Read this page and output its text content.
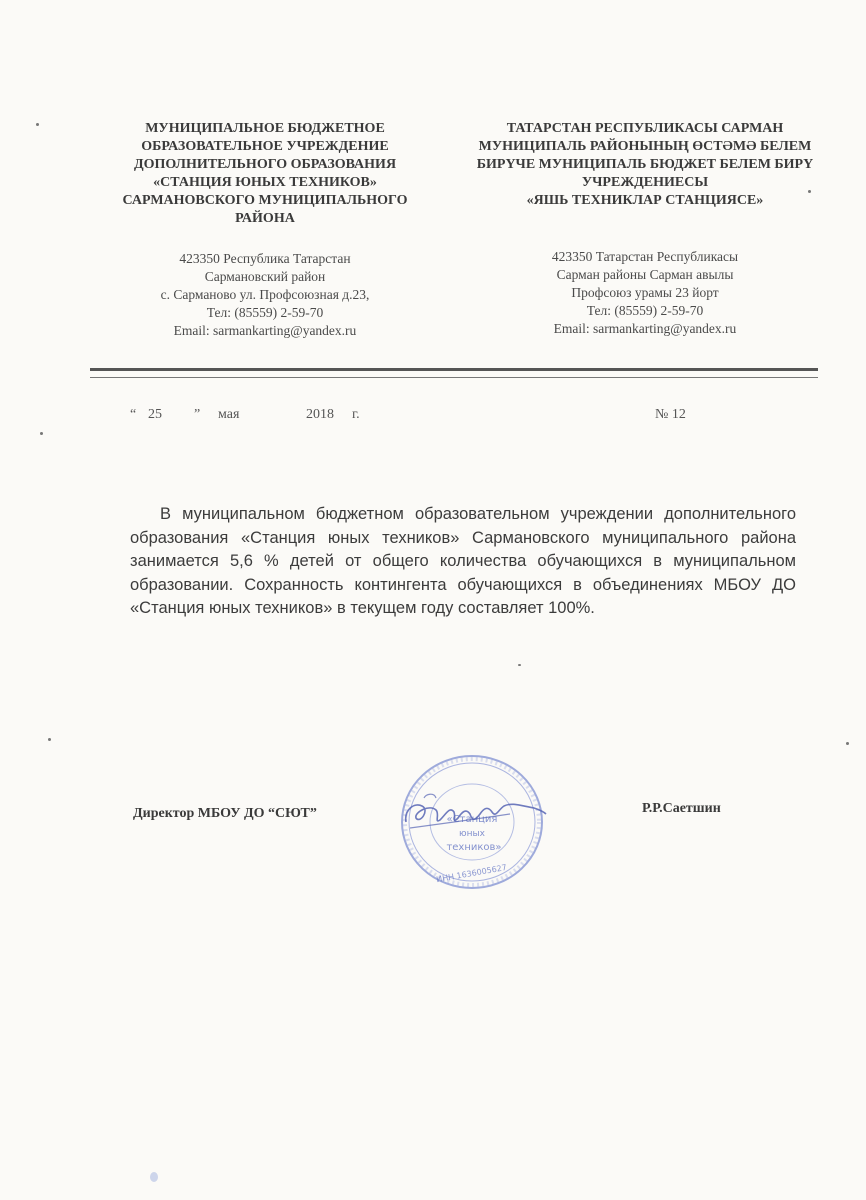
МУНИЦИПАЛЬНОЕ БЮДЖЕТНОЕ
ОБРАЗОВАТЕЛЬНОЕ УЧРЕЖДЕНИЕ
ДОПОЛНИТЕЛЬНОГО ОБРАЗОВАНИЯ
«СТАНЦИЯ ЮНЫХ ТЕХНИКОВ»
САРМАНОВСКОГО МУНИЦИПАЛЬНОГО
РАЙОНА
423350 Республика Татарстан
Сармановский район
с. Сарманово ул. Профсоюзная д.23,
Тел: (85559) 2-59-70
Email: sarmankarting@yandex.ru
ТАТАРСТАН РЕСПУБЛИКАСЫ САРМАН
МУНИЦИПАЛЬ РАЙОНЫНЫҢ ӨСТӘМӘ БЕЛЕМ
БИРҮЧЕ МУНИЦИПАЛЬ БЮДЖЕТ БЕЛЕМ БИРҮ
УЧРЕЖДЕНИЕСЫ
«ЯШЬ ТЕХНИКЛАР СТАНЦИЯСЕ»
423350 Татарстан Республикасы
Сарман районы Сарман авылы
Профсоюз урамы 23 йорт
Тел: (85559) 2-59-70
Email: sarmankarting@yandex.ru
“ 25 ” мая	2018 г.	№ 12
В муниципальном бюджетном образовательном учреждении дополнительного образования «Станция юных техников» Сармановского муниципального района занимается 5,6 % детей от общего количества обучающихся в муниципальном образовании. Сохранность контингента обучающихся в объединениях МБОУ ДО «Станция юных техников» в текущем году составляет 100%.
Директор МБОУ ДО “СЮТ”	Р.Р.Саетшин
«Станция
юных
техников»
ИНН 1636005627
